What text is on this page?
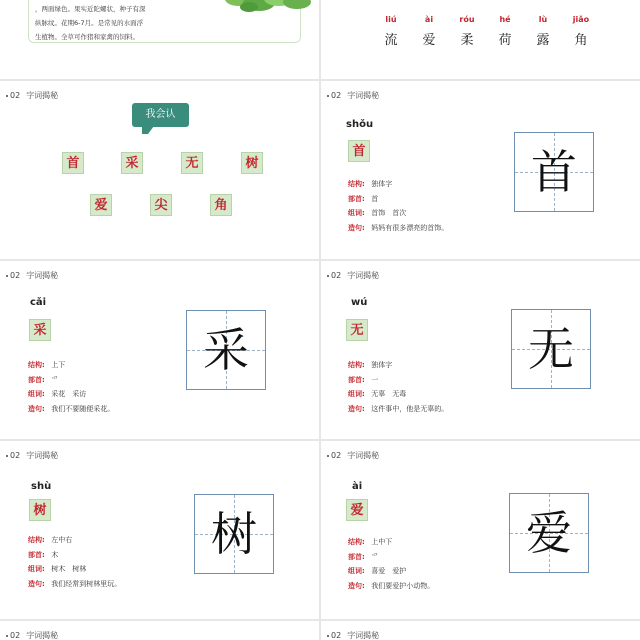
，两面绿色。果实近陀螺状，种子有深
纵脉纹。花期6-7月。是常见的水面浮
生植物。全草可作猪和家禽的饲料。
liú
流
ài
爱
róu
柔
hé
荷
lù
露
jiǎo
角
02 字词揭秘
我会认
首	采	无	树
爱	尖	角
02 字词揭秘
shǒu
首
结构: 独体字
部首: 首
组词: 首饰　首次
造句: 妈妈有很多漂亮的首饰。
首
02 字词揭秘
cǎi
采
结构: 上下
部首: 爫
组词: 采花　采访
造句: 我们不要随便采花。
采
02 字词揭秘
wú
无
结构: 独体字
部首: 一
组词: 无辜　无毒
造句: 这件事中，他是无辜的。
无
02 字词揭秘
shù
树
结构: 左中右
部首: 木
组词: 树木　树林
造句: 我们经常到树林里玩。
树
02 字词揭秘
ài
爱
结构: 上中下
部首: 爫
组词: 喜爱　爱护
造句: 我们要爱护小动物。
爱
02 字词揭秘	02 字词揭秘
